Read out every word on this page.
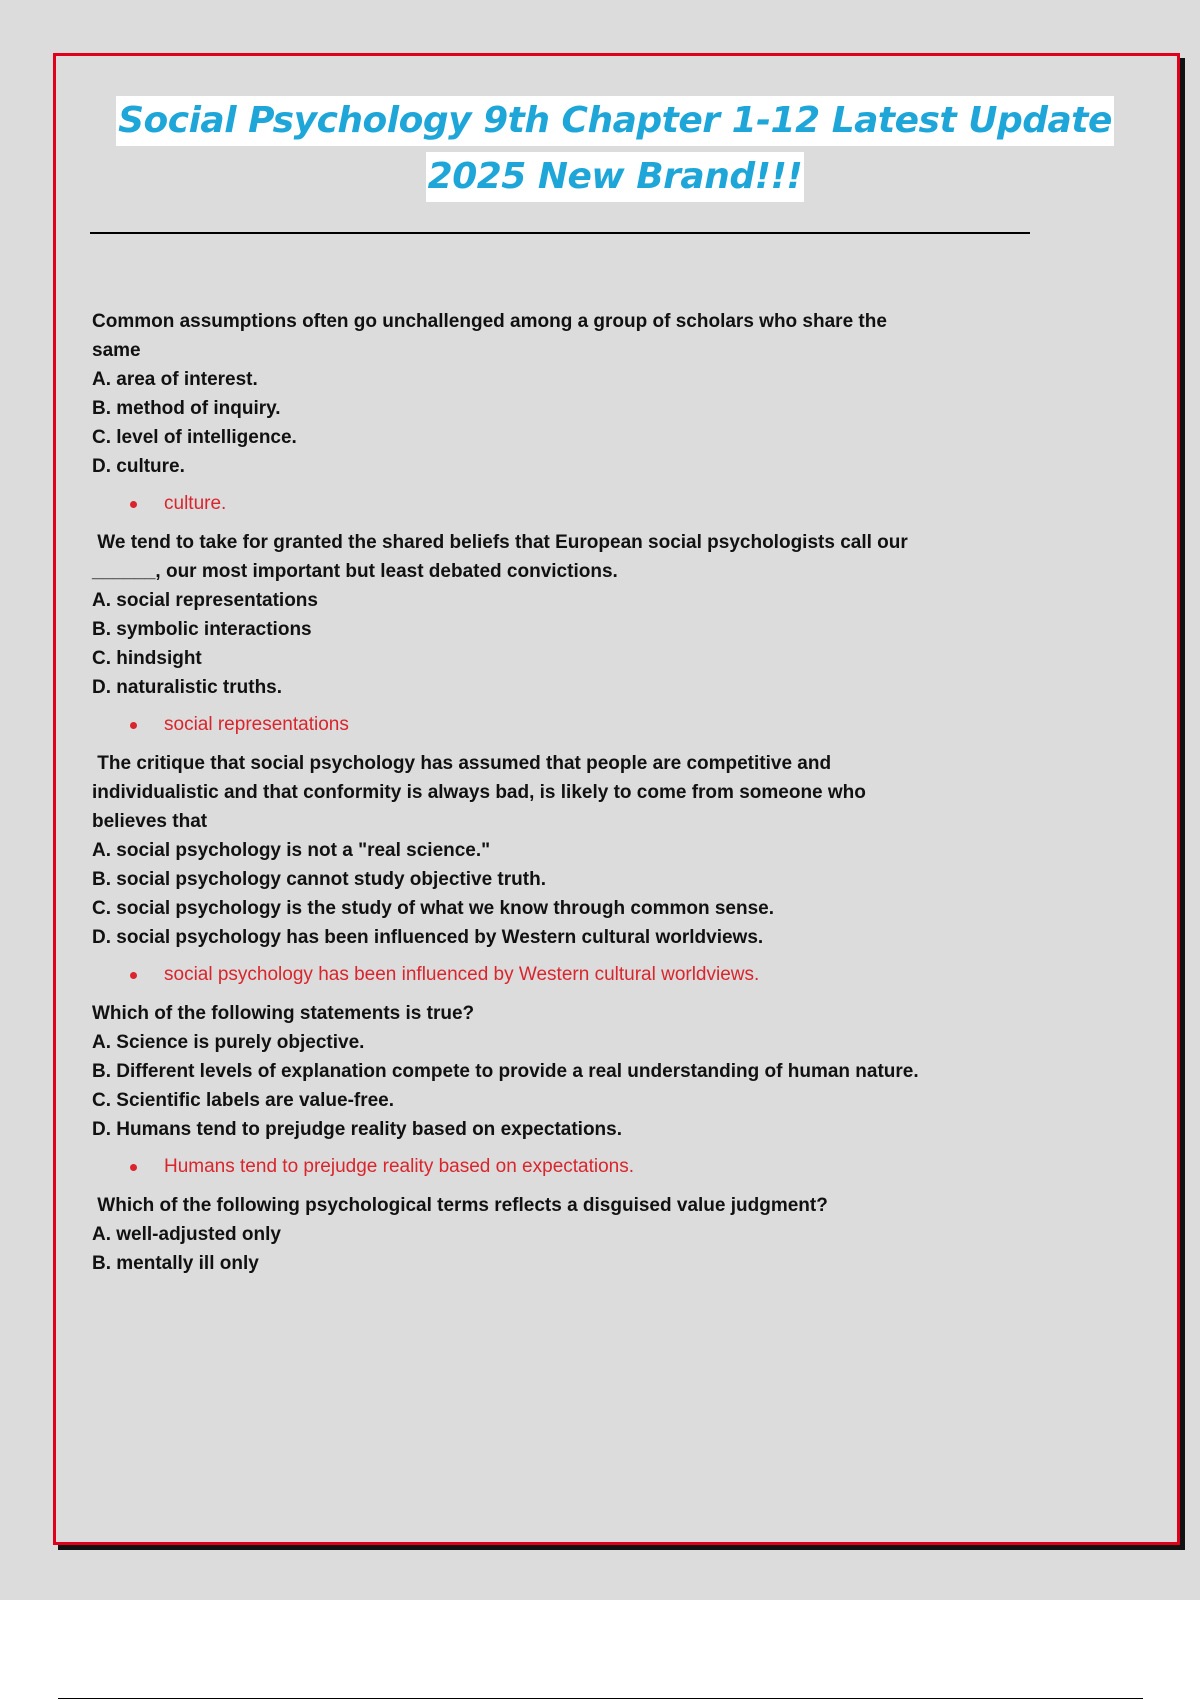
Social Psychology 9th Chapter 1-12 Latest Update
2025 New Brand!!!

Common assumptions often go unchallenged among a group of scholars who share the
same

A. area of interest.

B. method of inquiry.

C. level of intelligence.

D. culture.

culture.

We tend to take for granted the shared beliefs that European social psychologists call our
______, our most important but least debated convictions.

A. social representations

B. symbolic interactions

C. hindsight

D. naturalistic truths.

social representations

The critique that social psychology has assumed that people are competitive and
individualistic and that conformity is always bad, is likely to come from someone who
believes that

A. social psychology is not a "real science."

B. social psychology cannot study objective truth.

C. social psychology is the study of what we know through common sense.

D. social psychology has been influenced by Western cultural worldviews.

social psychology has been influenced by Western cultural worldviews.

Which of the following statements is true?

A. Science is purely objective.

B. Different levels of explanation compete to provide a real understanding of human nature.

C. Scientific labels are value-free.

D. Humans tend to prejudge reality based on expectations.

Humans tend to prejudge reality based on expectations.

Which of the following psychological terms reflects a disguised value judgment?

A. well-adjusted only

B. mentally ill only
